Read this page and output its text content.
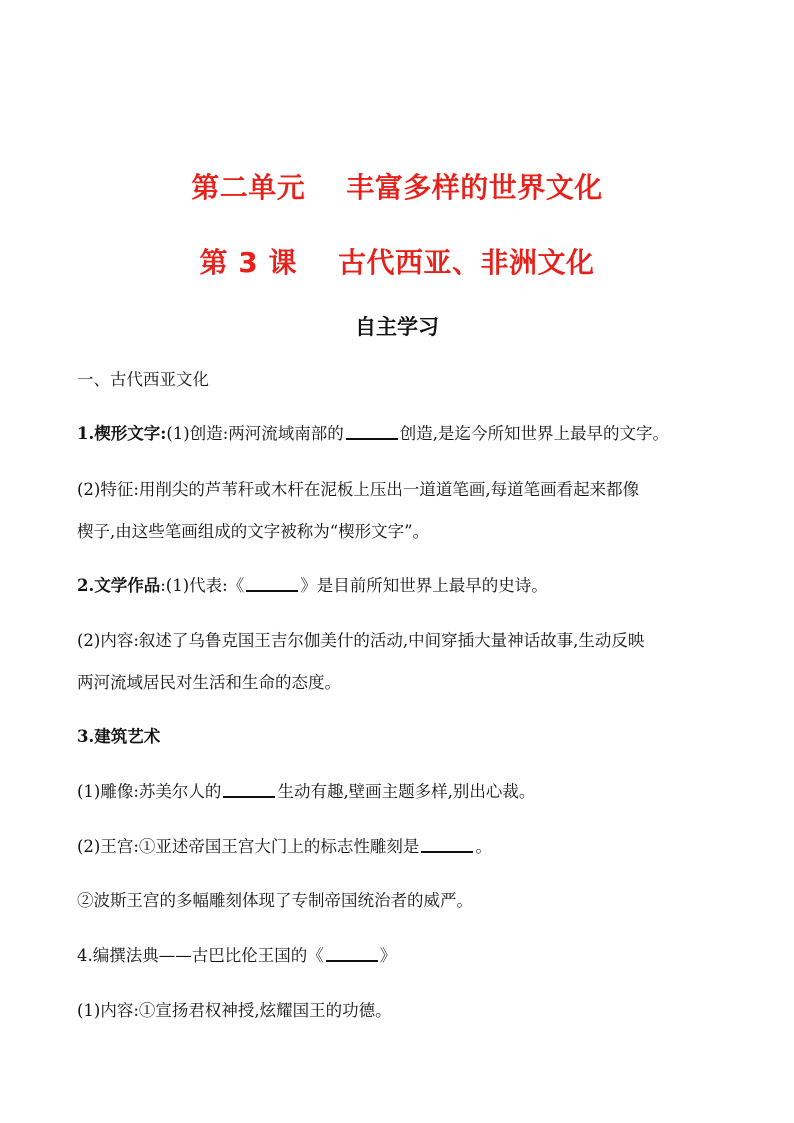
第二单元    丰富多样的世界文化
第 3 课    古代西亚、非洲文化
自主学习
一、古代西亚文化
1.楔形文字:(1)创造:两河流域南部的	创造,是迄今所知世界上最早的文字。
(2)特征:用削尖的芦苇秆或木杆在泥板上压出一道道笔画,每道笔画看起来都像
楔子,由这些笔画组成的文字被称为“楔形文字”。
2.文学作品:(1)代表:《	》是目前所知世界上最早的史诗。
(2)内容:叙述了乌鲁克国王吉尔伽美什的活动,中间穿插大量神话故事,生动反映
两河流域居民对生活和生命的态度。
3.建筑艺术
(1)雕像:苏美尔人的	生动有趣,壁画主题多样,别出心裁。
(2)王宫:①亚述帝国王宫大门上的标志性雕刻是	。
②波斯王宫的多幅雕刻体现了专制帝国统治者的威严。
4.编撰法典——古巴比伦王国的《	》
(1)内容:①宣扬君权神授,炫耀国王的功德。
